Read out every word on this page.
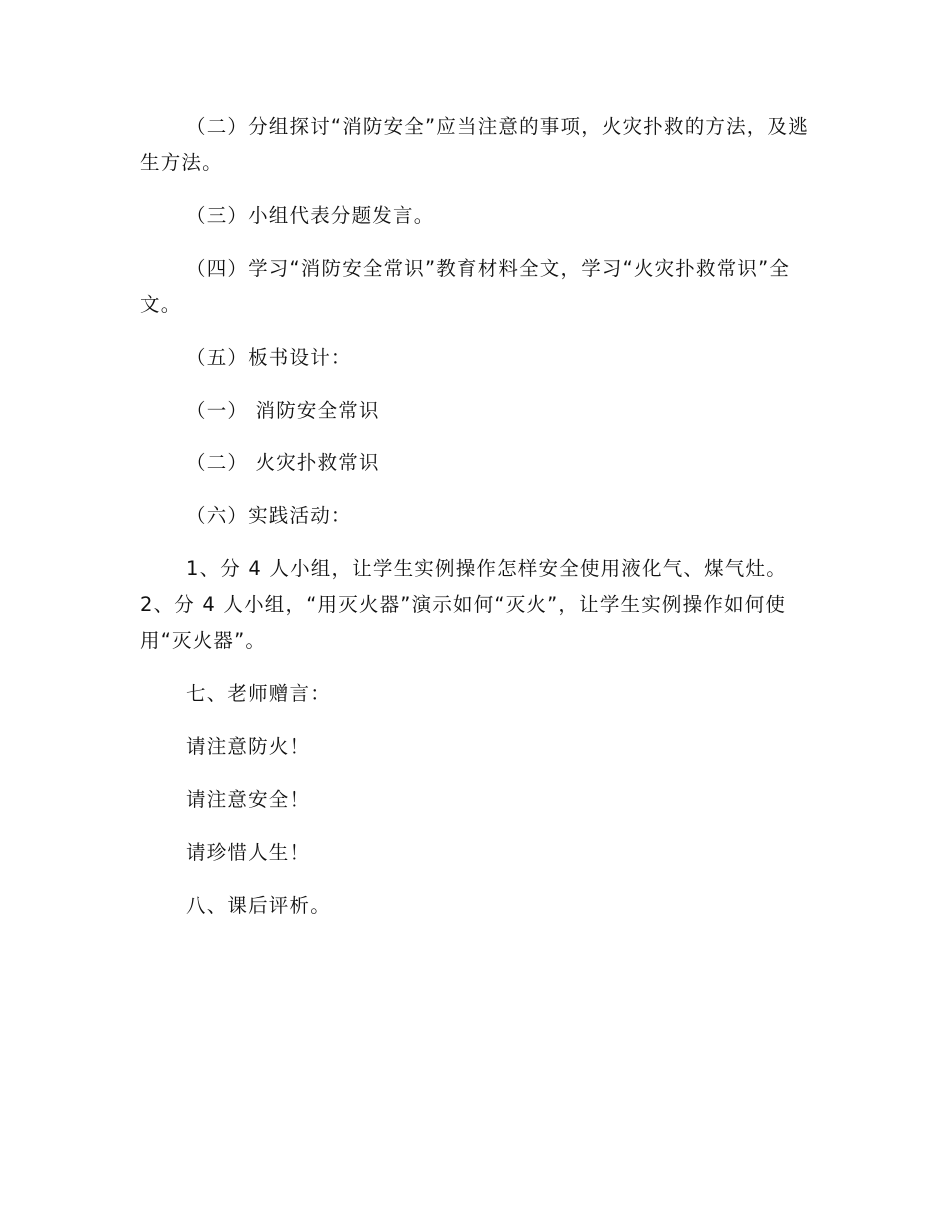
（二）分组探讨“消防安全”应当注意的事项，火灾扑救的方法，及逃生方法。
（三）小组代表分题发言。
（四）学习“消防安全常识”教育材料全文，学习“火灾扑救常识”全文。
（五）板书设计：
（一） 消防安全常识
（二） 火灾扑救常识
（六）实践活动：
1、分 4 人小组，让学生实例操作怎样安全使用液化气、煤气灶。2、分 4 人小组，“用灭火器”演示如何“灭火”，让学生实例操作如何使用“灭火器”。
七、老师赠言：
请注意防火！
请注意安全！
请珍惜人生！
八、课后评析。
